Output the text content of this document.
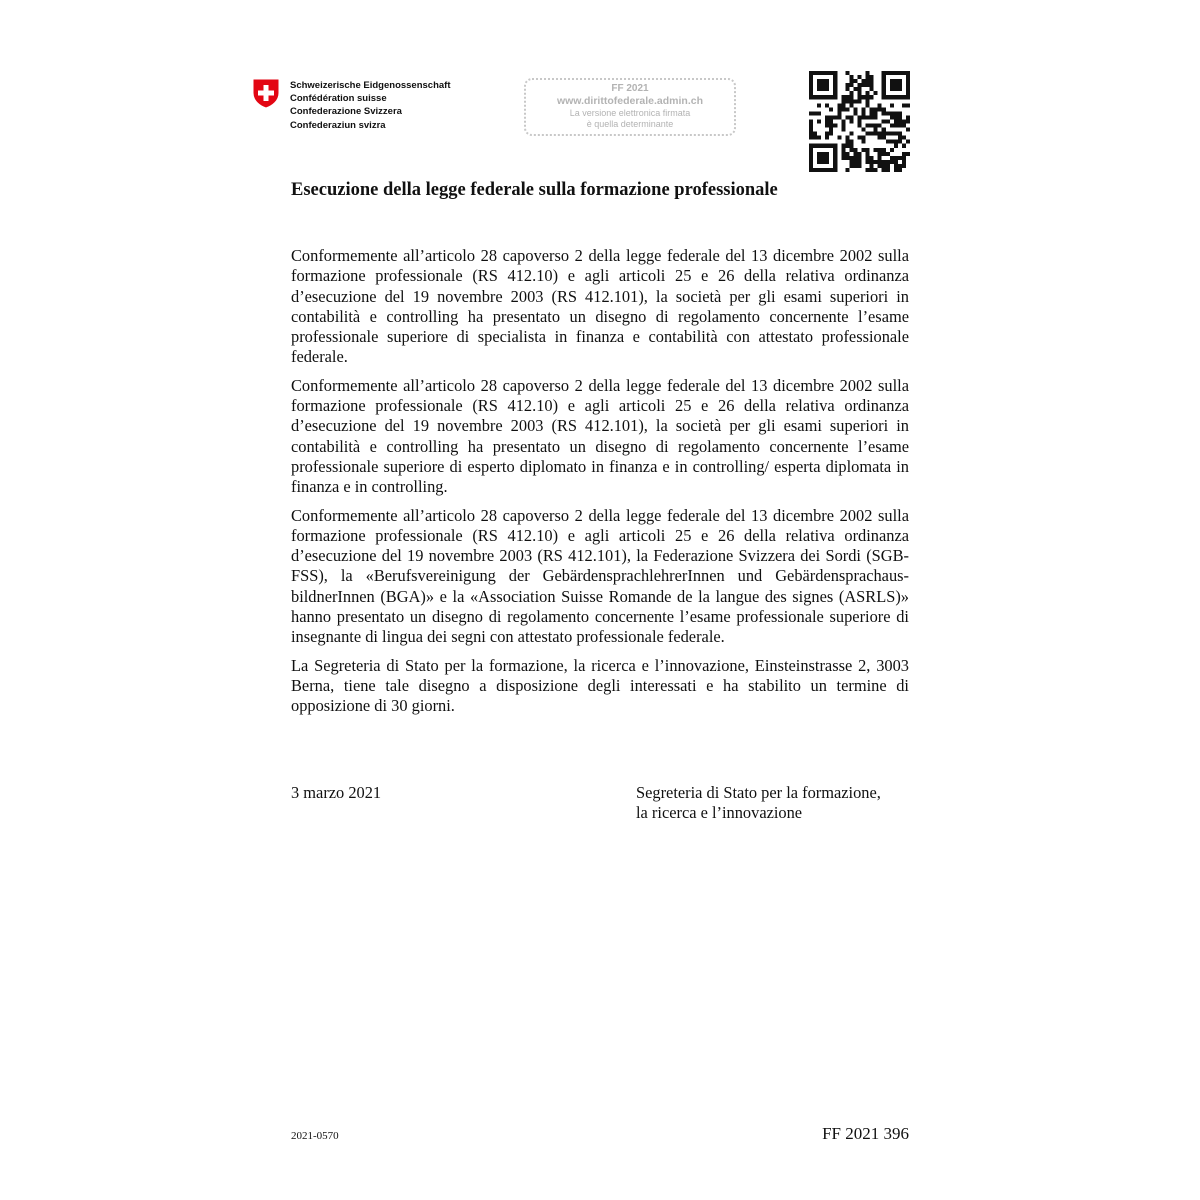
Schweizerische Eidgenossenschaft
Confédération suisse
Confederazione Svizzera
Confederaziun svizra
FF 2021
www.dirittofederale.admin.ch
La versione elettronica firmata
è quella determinante
Esecuzione della legge federale sulla formazione professionale

Conformemente all’articolo 28 capoverso 2 della legge federale del 13 dicembre 2002 sulla formazione professionale (RS 412.10) e agli articoli 25 e 26 della relativa ordinanza d’esecuzione del 19 novembre 2003 (RS 412.101), la società per gli esami superiori in contabilità e controlling ha presentato un disegno di regolamento concernente l’esame professionale superiore di specialista in finanza e contabilità con attestato professionale federale.

Conformemente all’articolo 28 capoverso 2 della legge federale del 13 dicembre 2002 sulla formazione professionale (RS 412.10) e agli articoli 25 e 26 della relativa ordinanza d’esecuzione del 19 novembre 2003 (RS 412.101), la società per gli esami superiori in contabilità e controlling ha presentato un disegno di regolamento concernente l’esame professionale superiore di esperto diplomato in finanza e in controlling/ esperta diplomata in finanza e in controlling.

Conformemente all’articolo 28 capoverso 2 della legge federale del 13 dicembre 2002 sulla formazione professionale (RS 412.10) e agli articoli 25 e 26 della relativa ordinanza d’esecuzione del 19 novembre 2003 (RS 412.101), la Federazione Svizzera dei Sordi (SGB-FSS), la «Berufsvereinigung der GebärdensprachlehrerInnen und Gebärdensprachaus- bildnerInnen (BGA)» e la «Association Suisse Romande de la langue des signes (ASRLS)» hanno presentato un disegno di regolamento concernente l’esame professionale superiore di insegnante di lingua dei segni con attestato professionale federale.

La Segreteria di Stato per la formazione, la ricerca e l’innovazione, Einsteinstrasse 2, 3003 Berna, tiene tale disegno a disposizione degli interessati e ha stabilito un termine di opposizione di 30 giorni.

3 marzo 2021	Segreteria di Stato per la formazione,
la ricerca e l’innovazione
2021-0570	FF 2021 396
